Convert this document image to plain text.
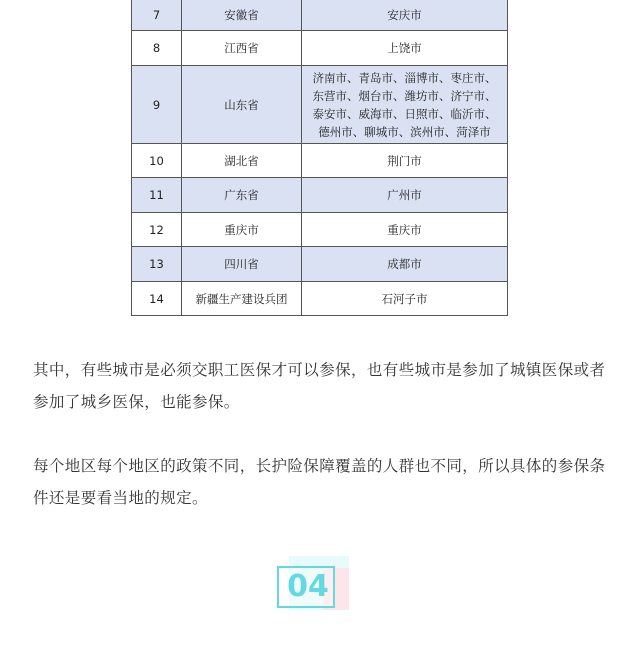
7	安徽省	安庆市
8	江西省	上饶市
9	山东省	济南市、青岛市、淄博市、枣庄市、
东营市、烟台市、潍坊市、济宁市、
泰安市、威海市、日照市、临沂市、
德州市、聊城市、滨州市、菏泽市
10	湖北省	荆门市
11	广东省	广州市
12	重庆市	重庆市
13	四川省	成都市
14	新疆生产建设兵团	石河子市

其中，有些城市是必须交职工医保才可以参保，也有些城市是参加了城镇医保或者参加了城乡医保，也能参保。

每个地区每个地区的政策不同，长护险保障覆盖的人群也不同，所以具体的参保条件还是要看当地的规定。

04
